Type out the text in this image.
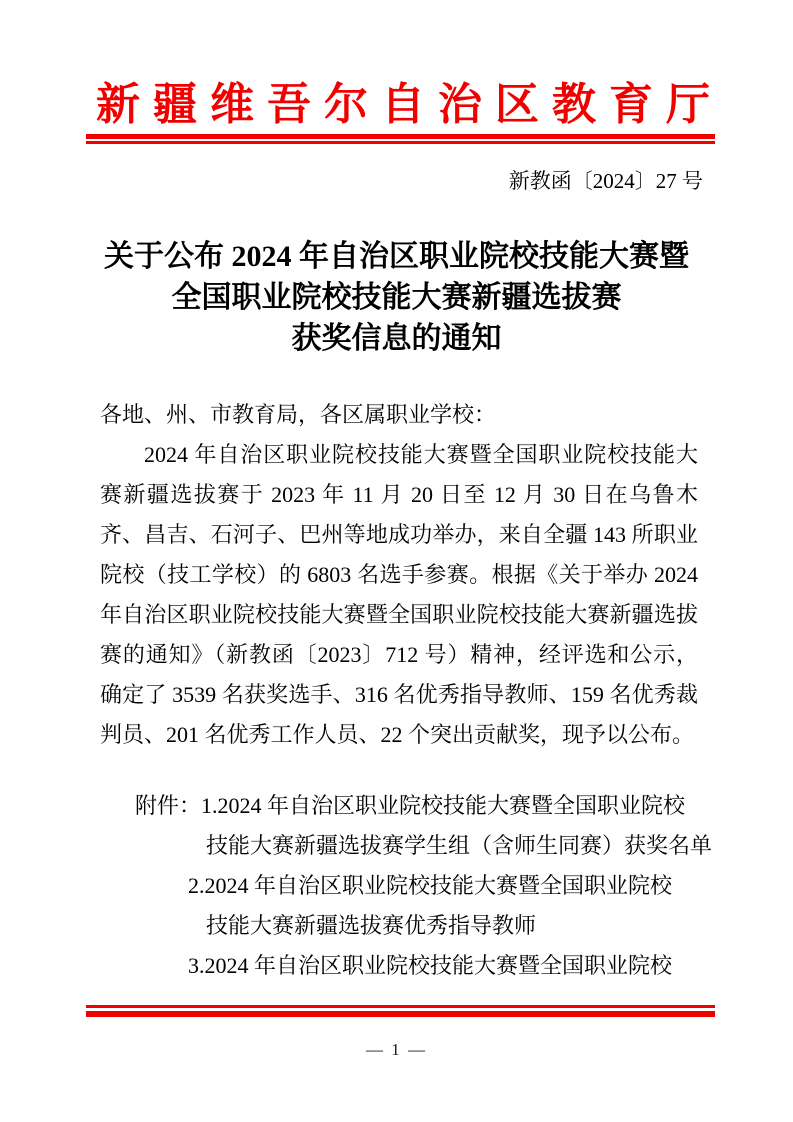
新疆维吾尔自治区教育厅
新教函〔2024〕27 号
关于公布 2024 年自治区职业院校技能大赛暨
全国职业院校技能大赛新疆选拔赛
获奖信息的通知
各地、州、市教育局，各区属职业学校：
2024 年自治区职业院校技能大赛暨全国职业院校技能大赛新疆选拔赛于 2023 年 11 月 20 日至 12 月 30 日在乌鲁木齐、昌吉、石河子、巴州等地成功举办，来自全疆 143 所职业院校（技工学校）的 6803 名选手参赛。根据《关于举办 2024 年自治区职业院校技能大赛暨全国职业院校技能大赛新疆选拔赛的通知》（新教函〔2023〕712 号）精神，经评选和公示，确定了 3539 名获奖选手、316 名优秀指导教师、159 名优秀裁判员、201 名优秀工作人员、22 个突出贡献奖，现予以公布。
附件：1.2024 年自治区职业院校技能大赛暨全国职业院校
技能大赛新疆选拔赛学生组（含师生同赛）获奖名单
2.2024 年自治区职业院校技能大赛暨全国职业院校
技能大赛新疆选拔赛优秀指导教师
3.2024 年自治区职业院校技能大赛暨全国职业院校
— 1 —
